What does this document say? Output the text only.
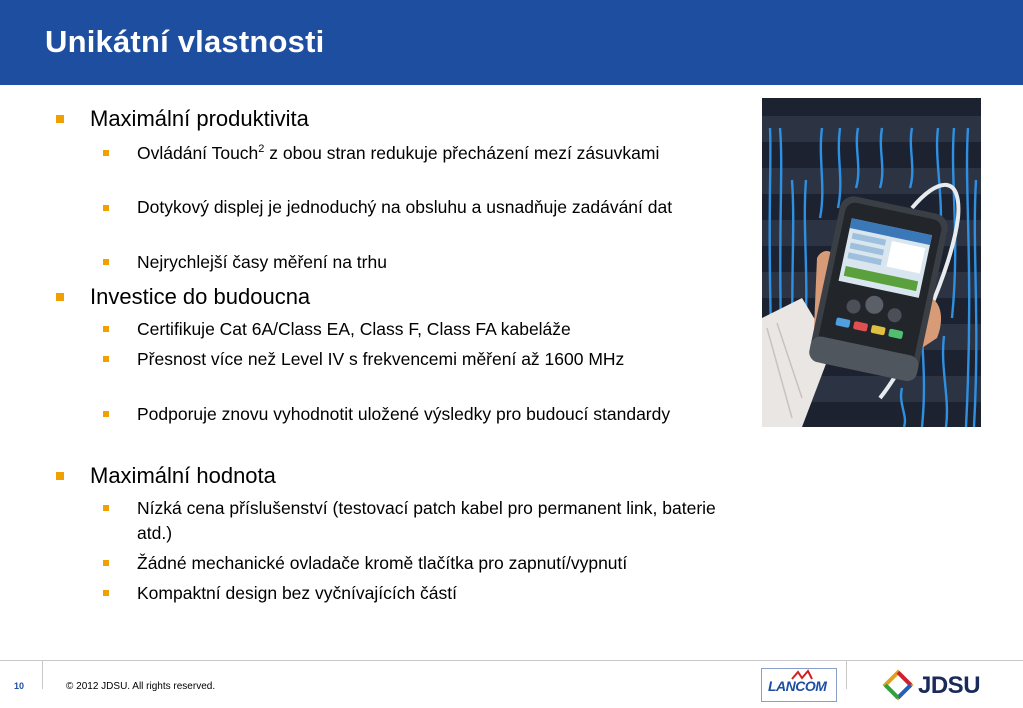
Unikátní vlastnosti
Maximální produktivita
Ovládání Touch$^2$ z obou stran redukuje přecházení mezí zásuvkami
Dotykový displej je jednoduchý na obsluhu a usnadňuje zadávání dat
Nejrychlejší časy měření na trhu
Investice do budoucna
Certifikuje Cat 6A/Class EA, Class F, Class FA kabeláže
Přesnost více než Level IV s frekvencemi měření až 1600 MHz
Podporuje znovu vyhodnotit uložené výsledky pro budoucí standardy
Maximální hodnota
Nízká cena příslušenství (testovací patch kabel pro permanent link, baterie atd.)
Žádné mechanické ovladače kromě tlačítka pro zapnutí/vypnutí
Kompaktní design bez vyčnívajících částí
10	© 2012 JDSU. All rights reserved.	LANCOM	JDSU
